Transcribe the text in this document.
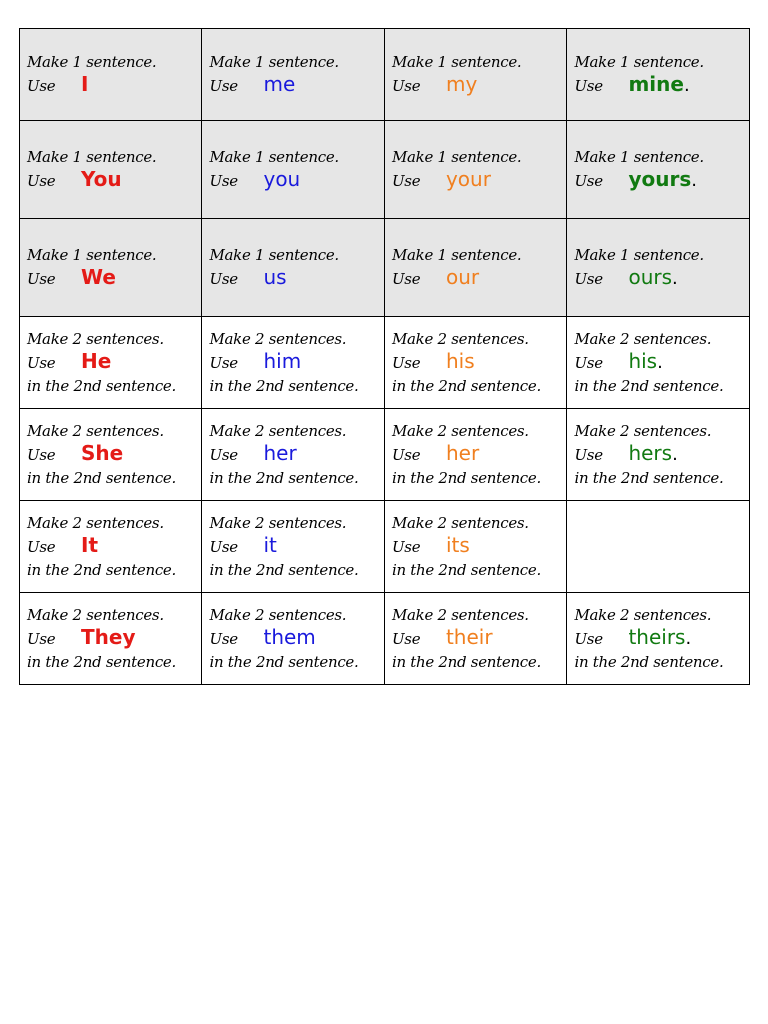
Make 1 sentence.
Use I	Make 1 sentence.
Use me	Make 1 sentence.
Use my	Make 1 sentence.
Use mine.

Make 1 sentence.
Use You	Make 1 sentence.
Use you	Make 1 sentence.
Use your	Make 1 sentence.
Use yours.

Make 1 sentence.
Use We	Make 1 sentence.
Use us	Make 1 sentence.
Use our	Make 1 sentence.
Use ours.

Make 2 sentences.
Use He
in the 2nd sentence.	Make 2 sentences.
Use him
in the 2nd sentence.	Make 2 sentences.
Use his
in the 2nd sentence.	Make 2 sentences.
Use his.
in the 2nd sentence.

Make 2 sentences.
Use She
in the 2nd sentence.	Make 2 sentences.
Use her
in the 2nd sentence.	Make 2 sentences.
Use her
in the 2nd sentence.	Make 2 sentences.
Use hers.
in the 2nd sentence.

Make 2 sentences.
Use It
in the 2nd sentence.	Make 2 sentences.
Use it
in the 2nd sentence.	Make 2 sentences.
Use its
in the 2nd sentence.	

Make 2 sentences.
Use They
in the 2nd sentence.	Make 2 sentences.
Use them
in the 2nd sentence.	Make 2 sentences.
Use their
in the 2nd sentence.	Make 2 sentences.
Use theirs.
in the 2nd sentence.
